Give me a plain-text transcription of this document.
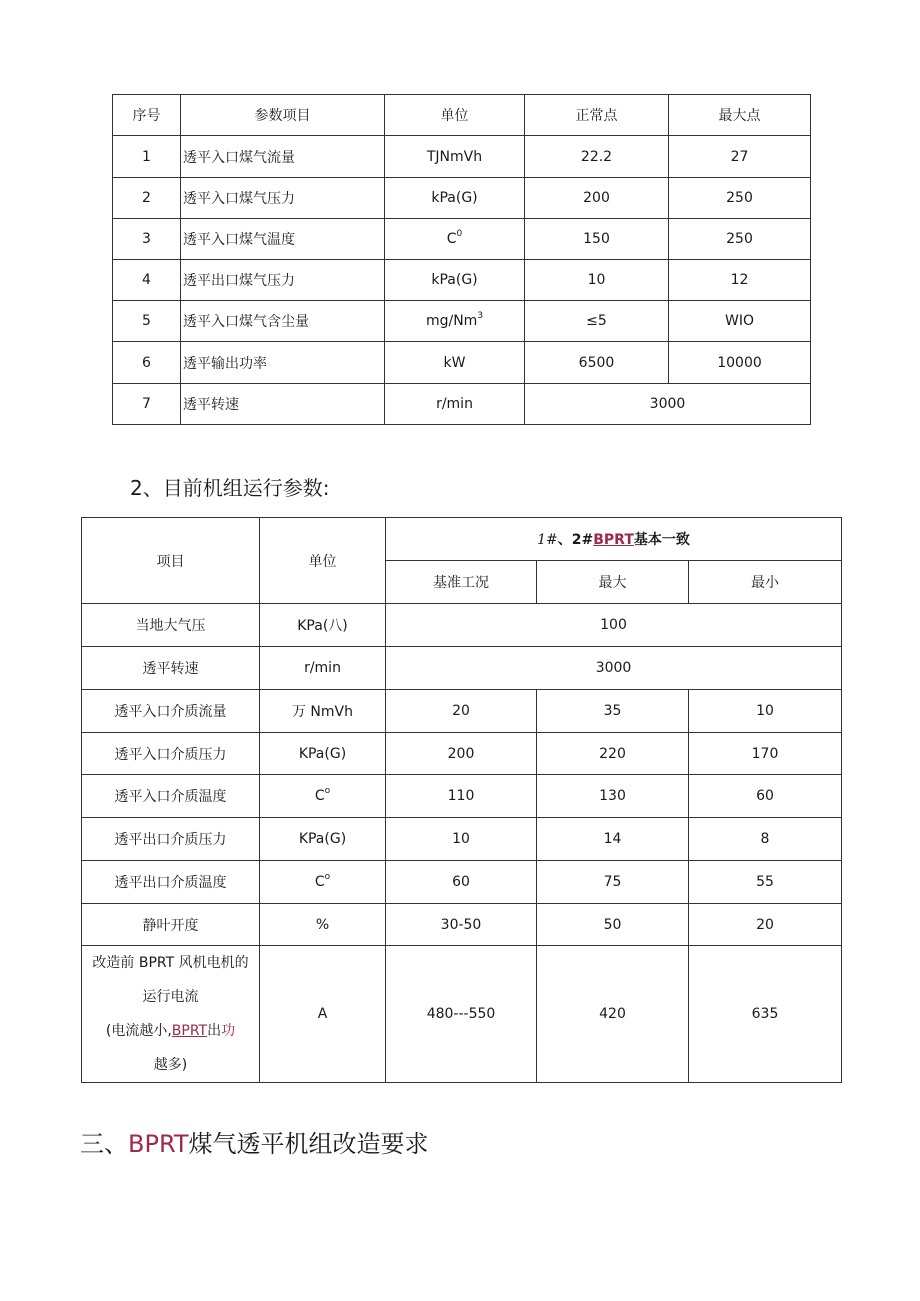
序号	参数项目	单位	正常点	最大点
1	透平入口煤气流量	TJNmVh	22.2	27
2	透平入口煤气压力	kPa(G)	200	250
3	透平入口煤气温度	$C^0$	150	250
4	透平出口煤气压力	kPa(G)	10	12
5	透平入口煤气含尘量	$mg∕Nm^3$	≤5	WIO
6	透平输出功率	kW	6500	10000
7	透平转速	r/min	3000	
2、目前机组运行参数:
项目	单位	1#、2#BPRT基本一致		
		基准工况	最大	最小
当地大气压	KPa(八)	100		
透平转速	r/min	3000		
透平入口介质流量	万 NmVh	20	35	10
透平入口介质压力	KPa(G)	200	220	170
透平入口介质温度	$C^o$	110	130	60
透平出口介质压力	KPa(G)	10	14	8
透平出口介质温度	$C^o$	60	75	55
静叶开度	%	30-50	50	20

改造前 BPRT 风机电机的
运行电流
(电流越小,BPRT出功
越多)	A	480---550	420	635
三、BPRT煤气透平机组改造要求
